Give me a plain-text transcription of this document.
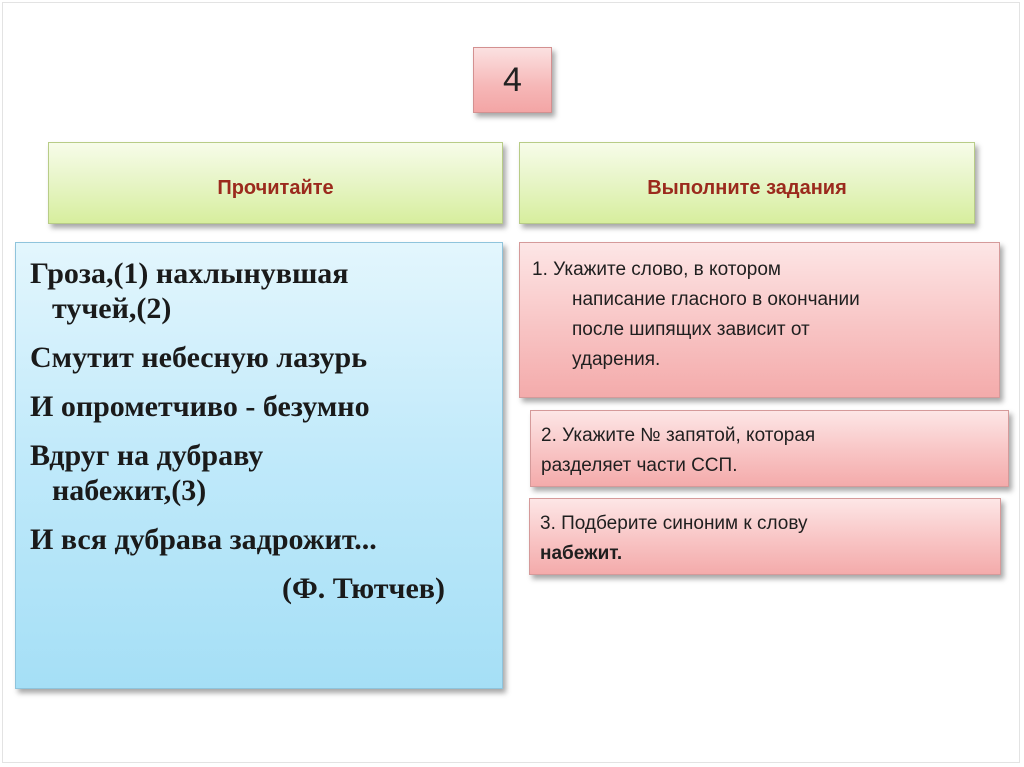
4
Прочитайте	Выполните задания
Гроза,(1) нахлынувшая
тучей,(2)
Смутит небесную лазурь
И опрометчиво - безумно
Вдруг на дубраву
набежит,(3)
И вся дубрава задрожит...
(Ф. Тютчев)
1. Укажите слово, в котором
написание гласного в окончании
после шипящих зависит от
ударения.
2. Укажите № запятой, которая
разделяет части ССП.
3. Подберите синоним к слову
набежит.
